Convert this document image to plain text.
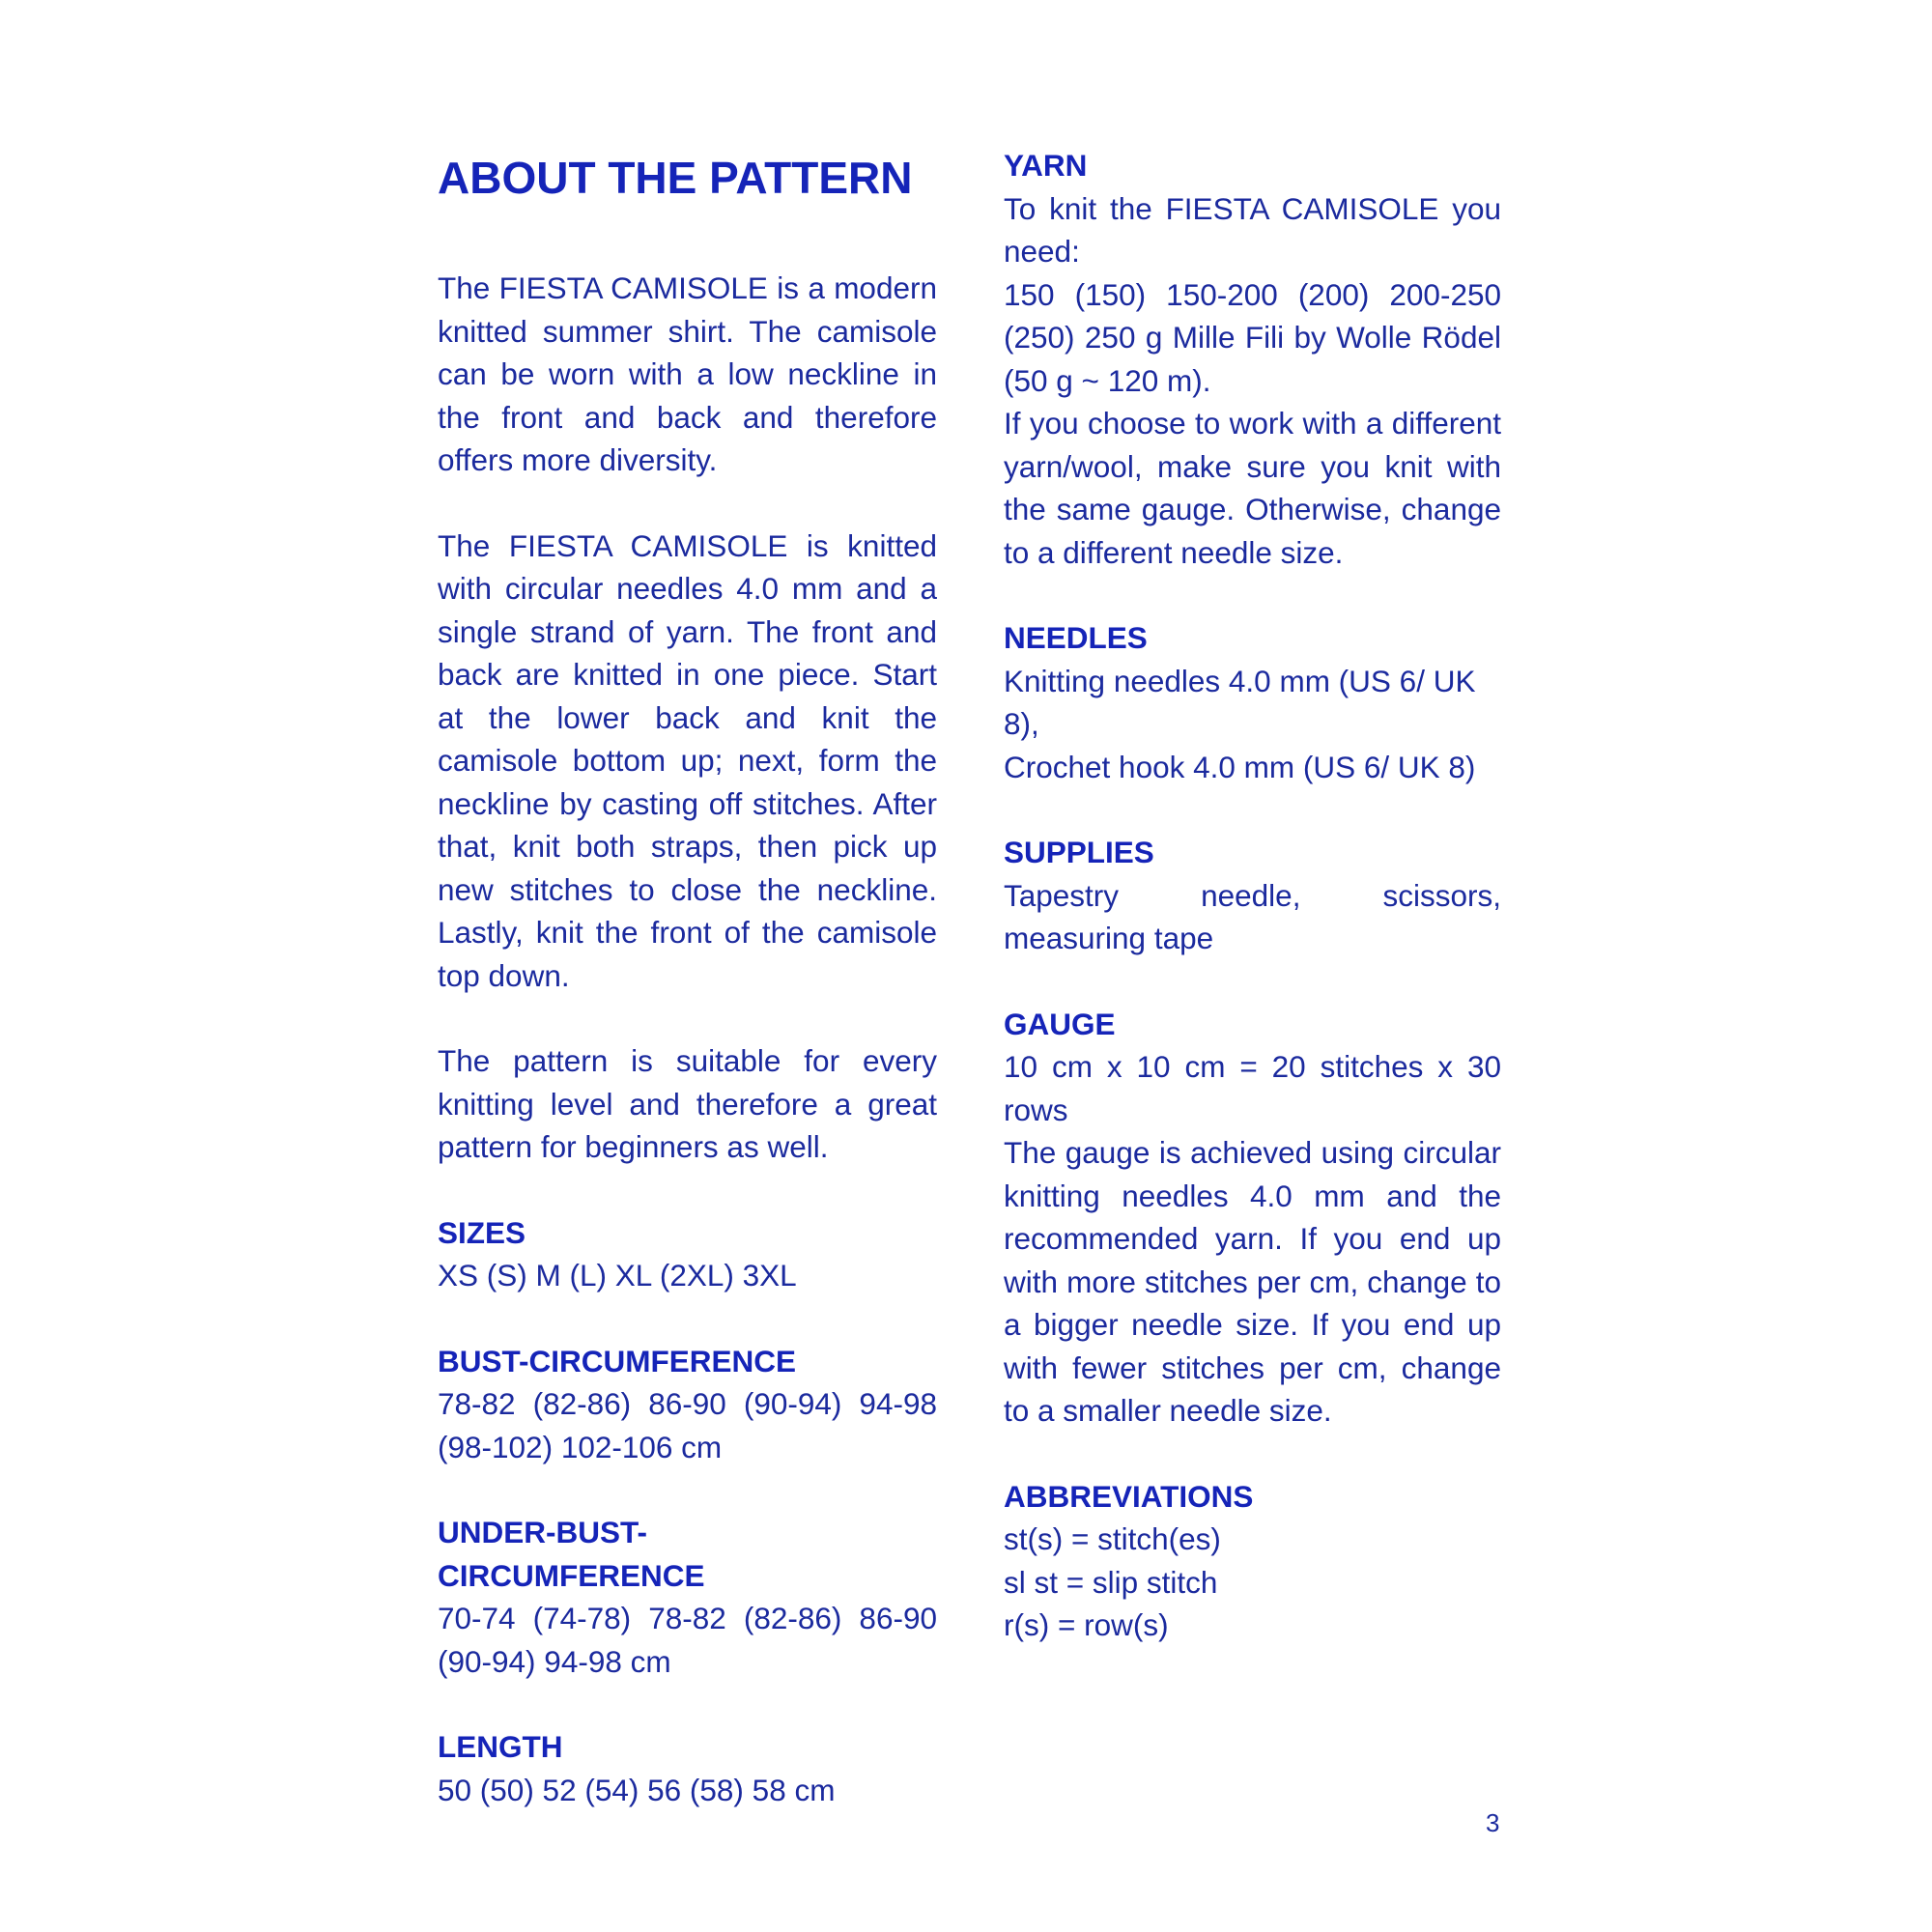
ABOUT THE PATTERN

The FIESTA CAMISOLE is a modern knitted summer shirt. The camisole can be worn with a low neckline in the front and back and therefore offers more diversity.

The FIESTA CAMISOLE is knitted with circular needles 4.0 mm and a single strand of yarn. The front and back are knitted in one piece. Start at the lower back and knit the camisole bottom up; next, form the neckline by casting off stitches. After that, knit both straps, then pick up new stitches to close the neckline. Lastly, knit the front of the camisole top down.

The pattern is suitable for every knitting level and therefore a great pattern for beginners as well.

SIZES
XS (S) M (L) XL (2XL) 3XL
BUST-CIRCUMFERENCE
78-82 (82-86) 86-90 (90-94) 94-98 (98-102) 102-106 cm
UNDER-BUST-
CIRCUMFERENCE
70-74 (74-78) 78-82 (82-86) 86-90 (90-94) 94-98 cm
LENGTH
50 (50) 52 (54) 56 (58) 58 cm
YARN
To knit the FIESTA CAMISOLE you need:
150 (150) 150-200 (200) 200-250 (250) 250 g Mille Fili by Wolle Rödel (50 g ~ 120 m).
If you choose to work with a different yarn/wool, make sure you knit with the same gauge. Otherwise, change to a different needle size.
NEEDLES
Knitting needles 4.0 mm (US 6/ UK 8),
Crochet hook 4.0 mm (US 6/ UK 8)
SUPPLIES
Tapestry needle, scissors, measuring tape
GAUGE
10 cm x 10 cm = 20 stitches x 30 rows
The gauge is achieved using circular knitting needles 4.0 mm and the recommended yarn. If you end up with more stitches per cm, change to a bigger needle size. If you end up with fewer stitches per cm, change to a smaller needle size.
ABBREVIATIONS
st(s) = stitch(es)
sl st = slip stitch
r(s) = row(s)
3
